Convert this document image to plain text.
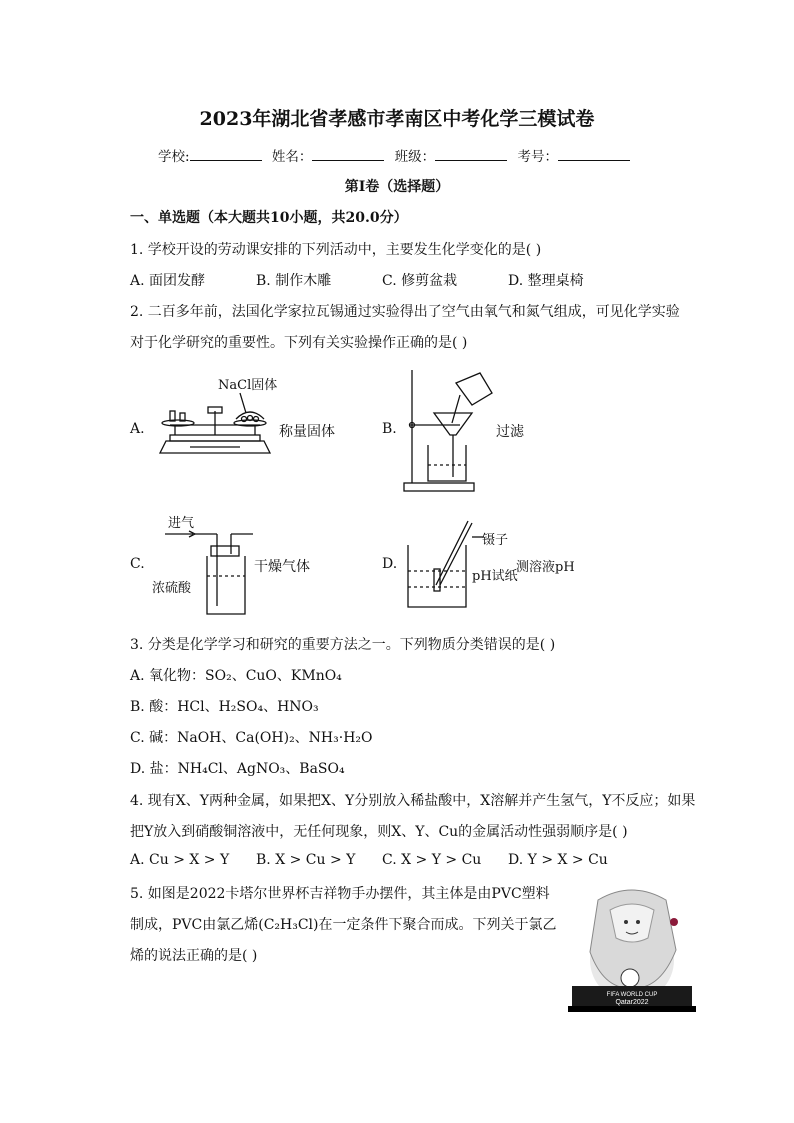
2023年湖北省孝感市孝南区中考化学三模试卷
学校:	姓名：	班级：	考号：
第I卷（选择题）
一、单选题（本大题共10小题，共20.0分）
1. 学校开设的劳动课安排的下列活动中，主要发生化学变化的是( )
A. 面团发酵	B. 制作木雕	C. 修剪盆栽	D. 整理桌椅
2. 二百多年前，法国化学家拉瓦锡通过实验得出了空气由氧气和氮气组成，可见化学实验
对于化学研究的重要性。下列有关实验操作正确的是( )
A.
NaCl固体
称量固体	B.	过滤
C.
进气
浓硫酸
干燥气体	D.
镊子
pH试纸
测溶液pH
3. 分类是化学学习和研究的重要方法之一。下列物质分类错误的是( )
A. 氧化物：SO₂、CuO、KMnO₄
B. 酸：HCl、H₂SO₄、HNO₃
C. 碱：NaOH、Ca(OH)₂、NH₃·H₂O
D. 盐：NH₄Cl、AgNO₃、BaSO₄
4. 现有X、Y两种金属，如果把X、Y分别放入稀盐酸中，X溶解并产生氢气，Y不反应；如果
把Y放入到硝酸铜溶液中，无任何现象，则X、Y、Cu的金属活动性强弱顺序是( )
A. Cu > X > Y B. X > Cu > Y C. X > Y > Cu D. Y > X > Cu
5. 如图是2022卡塔尔世界杯吉祥物手办摆件，其主体是由PVC塑料
制成，PVC由氯乙烯(C₂H₃Cl)在一定条件下聚合而成。下列关于氯乙
烯的说法正确的是( )
FIFA WORLD CUP
Qatar2022
